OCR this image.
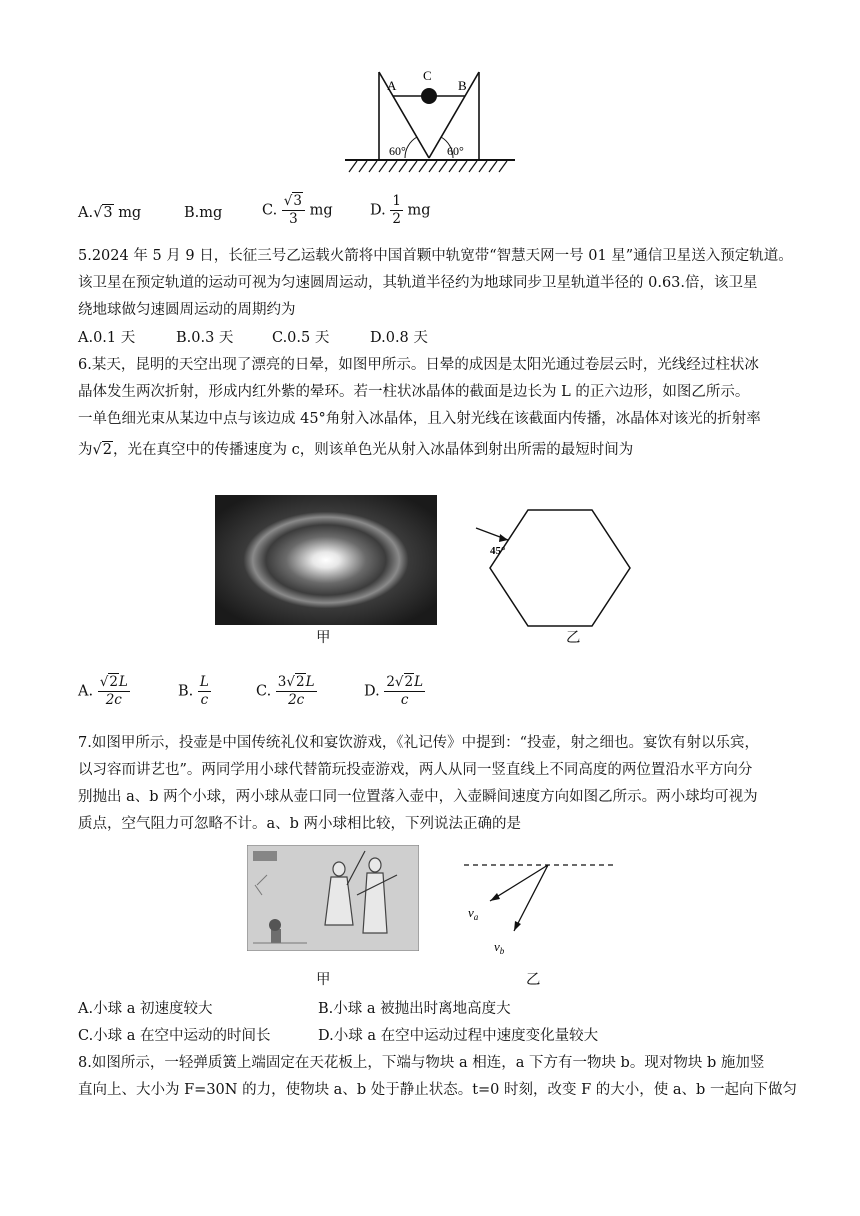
A
C
B
60°	60°
A.√3 mg	B.mg	C. $\frac{√3}{3}$ mg	D. $\frac{1}{2}$ mg
5.2024 年 5 月 9 日，长征三号乙运载火箭将中国首颗中轨宽带“智慧天网一号 01 星”通信卫星送入预定轨道。
该卫星在预定轨道的运动可视为匀速圆周运动，其轨道半径约为地球同步卫星轨道半径的 0.63.倍，该卫星
绕地球做匀速圆周运动的周期约为
A.0.1 天	B.0.3 天	C.0.5 天	D.0.8 天
6.某天，昆明的天空出现了漂亮的日晕，如图甲所示。日晕的成因是太阳光通过卷层云时，光线经过柱状冰
晶体发生两次折射，形成内红外紫的晕环。若一柱状冰晶体的截面是边长为 L 的正六边形，如图乙所示。
一单色细光束从某边中点与该边成 45°角射入冰晶体，且入射光线在该截面内传播，冰晶体对该光的折射率
为√2，光在真空中的传播速度为 c，则该单色光从射入冰晶体到射出所需的最短时间为
甲
45°
乙
A. $\frac{√2L}{2c}$	B. $\frac{L}{c}$	C. $\frac{3√2L}{2c}$	D. $\frac{2√2L}{c}$
7.如图甲所示，投壶是中国传统礼仪和宴饮游戏，《礼记传》中提到：“投壶，射之细也。宴饮有射以乐宾，
以习容而讲艺也”。两同学用小球代替箭玩投壶游戏，两人从同一竖直线上不同高度的两位置沿水平方向分
别抛出 a、b 两个小球，两小球从壶口同一位置落入壶中，入壶瞬间速度方向如图乙所示。两小球均可视为
质点，空气阻力可忽略不计。a、b 两小球相比较，下列说法正确的是
甲
$v_a$
$v_b$
乙
A.小球 a 初速度较大	B.小球 a 被抛出时离地高度大
C.小球 a 在空中运动的时间长	D.小球 a 在空中运动过程中速度变化量较大
8.如图所示，一轻弹质簧上端固定在天花板上，下端与物块 a 相连，a 下方有一物块 b。现对物块 b 施加竖
直向上、大小为 F=30N 的力，使物块 a、b 处于静止状态。t=0 时刻，改变 F 的大小，使 a、b 一起向下做匀
